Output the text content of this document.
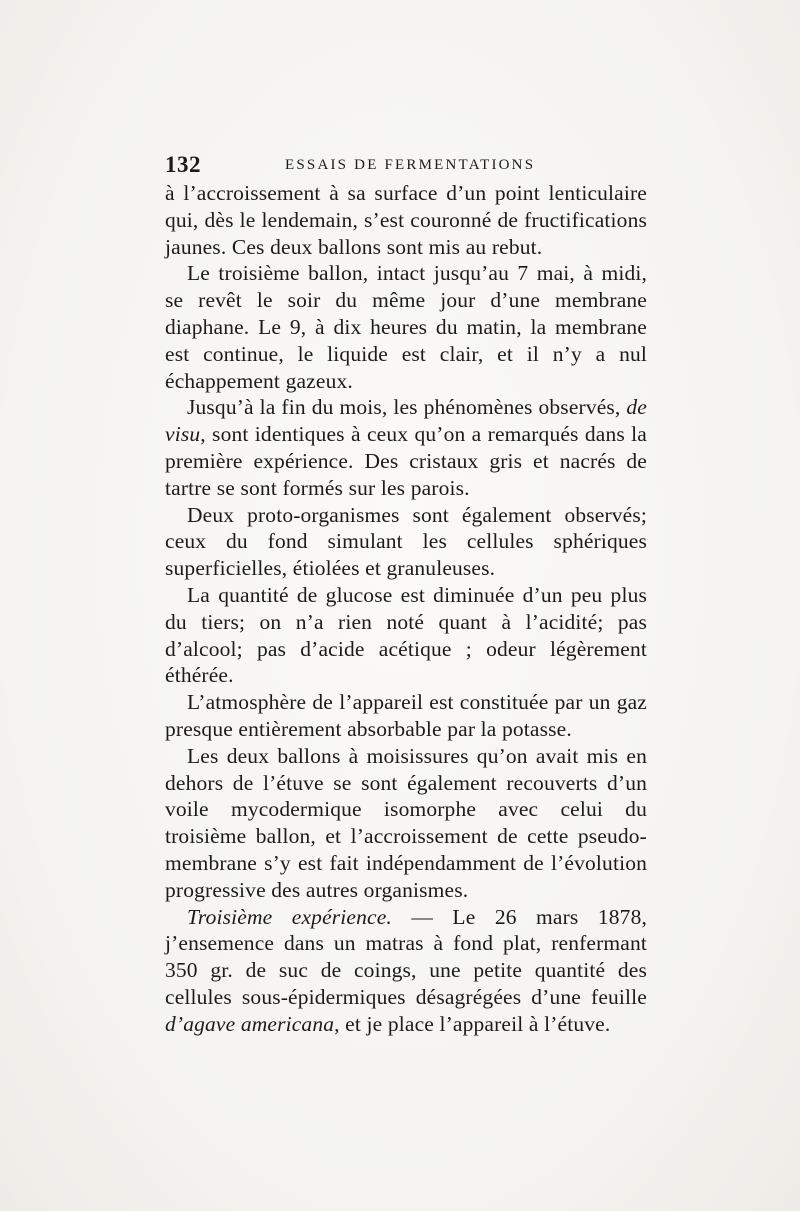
132	ESSAIS DE FERMENTATIONS

à l’accroissement à sa surface d’un point lenticulaire qui, dès le lendemain, s’est couronné de fructifications jaunes. Ces deux ballons sont mis au rebut.

Le troisième ballon, intact jusqu’au 7 mai, à midi, se revêt le soir du même jour d’une membrane diaphane. Le 9, à dix heures du matin, la membrane est continue, le liquide est clair, et il n’y a nul échappement gazeux.

Jusqu’à la fin du mois, les phénomènes observés, de visu, sont identiques à ceux qu’on a remarqués dans la première expérience. Des cristaux gris et nacrés de tartre se sont formés sur les parois.

Deux proto-organismes sont également observés; ceux du fond simulant les cellules sphériques superficielles, étiolées et granuleuses.

La quantité de glucose est diminuée d’un peu plus du tiers; on n’a rien noté quant à l’acidité; pas d’alcool; pas d’acide acétique ; odeur légèrement éthérée.

L’atmosphère de l’appareil est constituée par un gaz presque entièrement absorbable par la potasse.

Les deux ballons à moisissures qu’on avait mis en dehors de l’étuve se sont également recouverts d’un voile mycodermique isomorphe avec celui du troisième ballon, et l’accroissement de cette pseudo-membrane s’y est fait indépendamment de l’évolution progressive des autres organismes.

Troisième expérience. — Le 26 mars 1878, j’ensemence dans un matras à fond plat, renfermant 350 gr. de suc de coings, une petite quantité des cellules sous-épidermiques désagrégées d’une feuille d’agave americana, et je place l’appareil à l’étuve.
